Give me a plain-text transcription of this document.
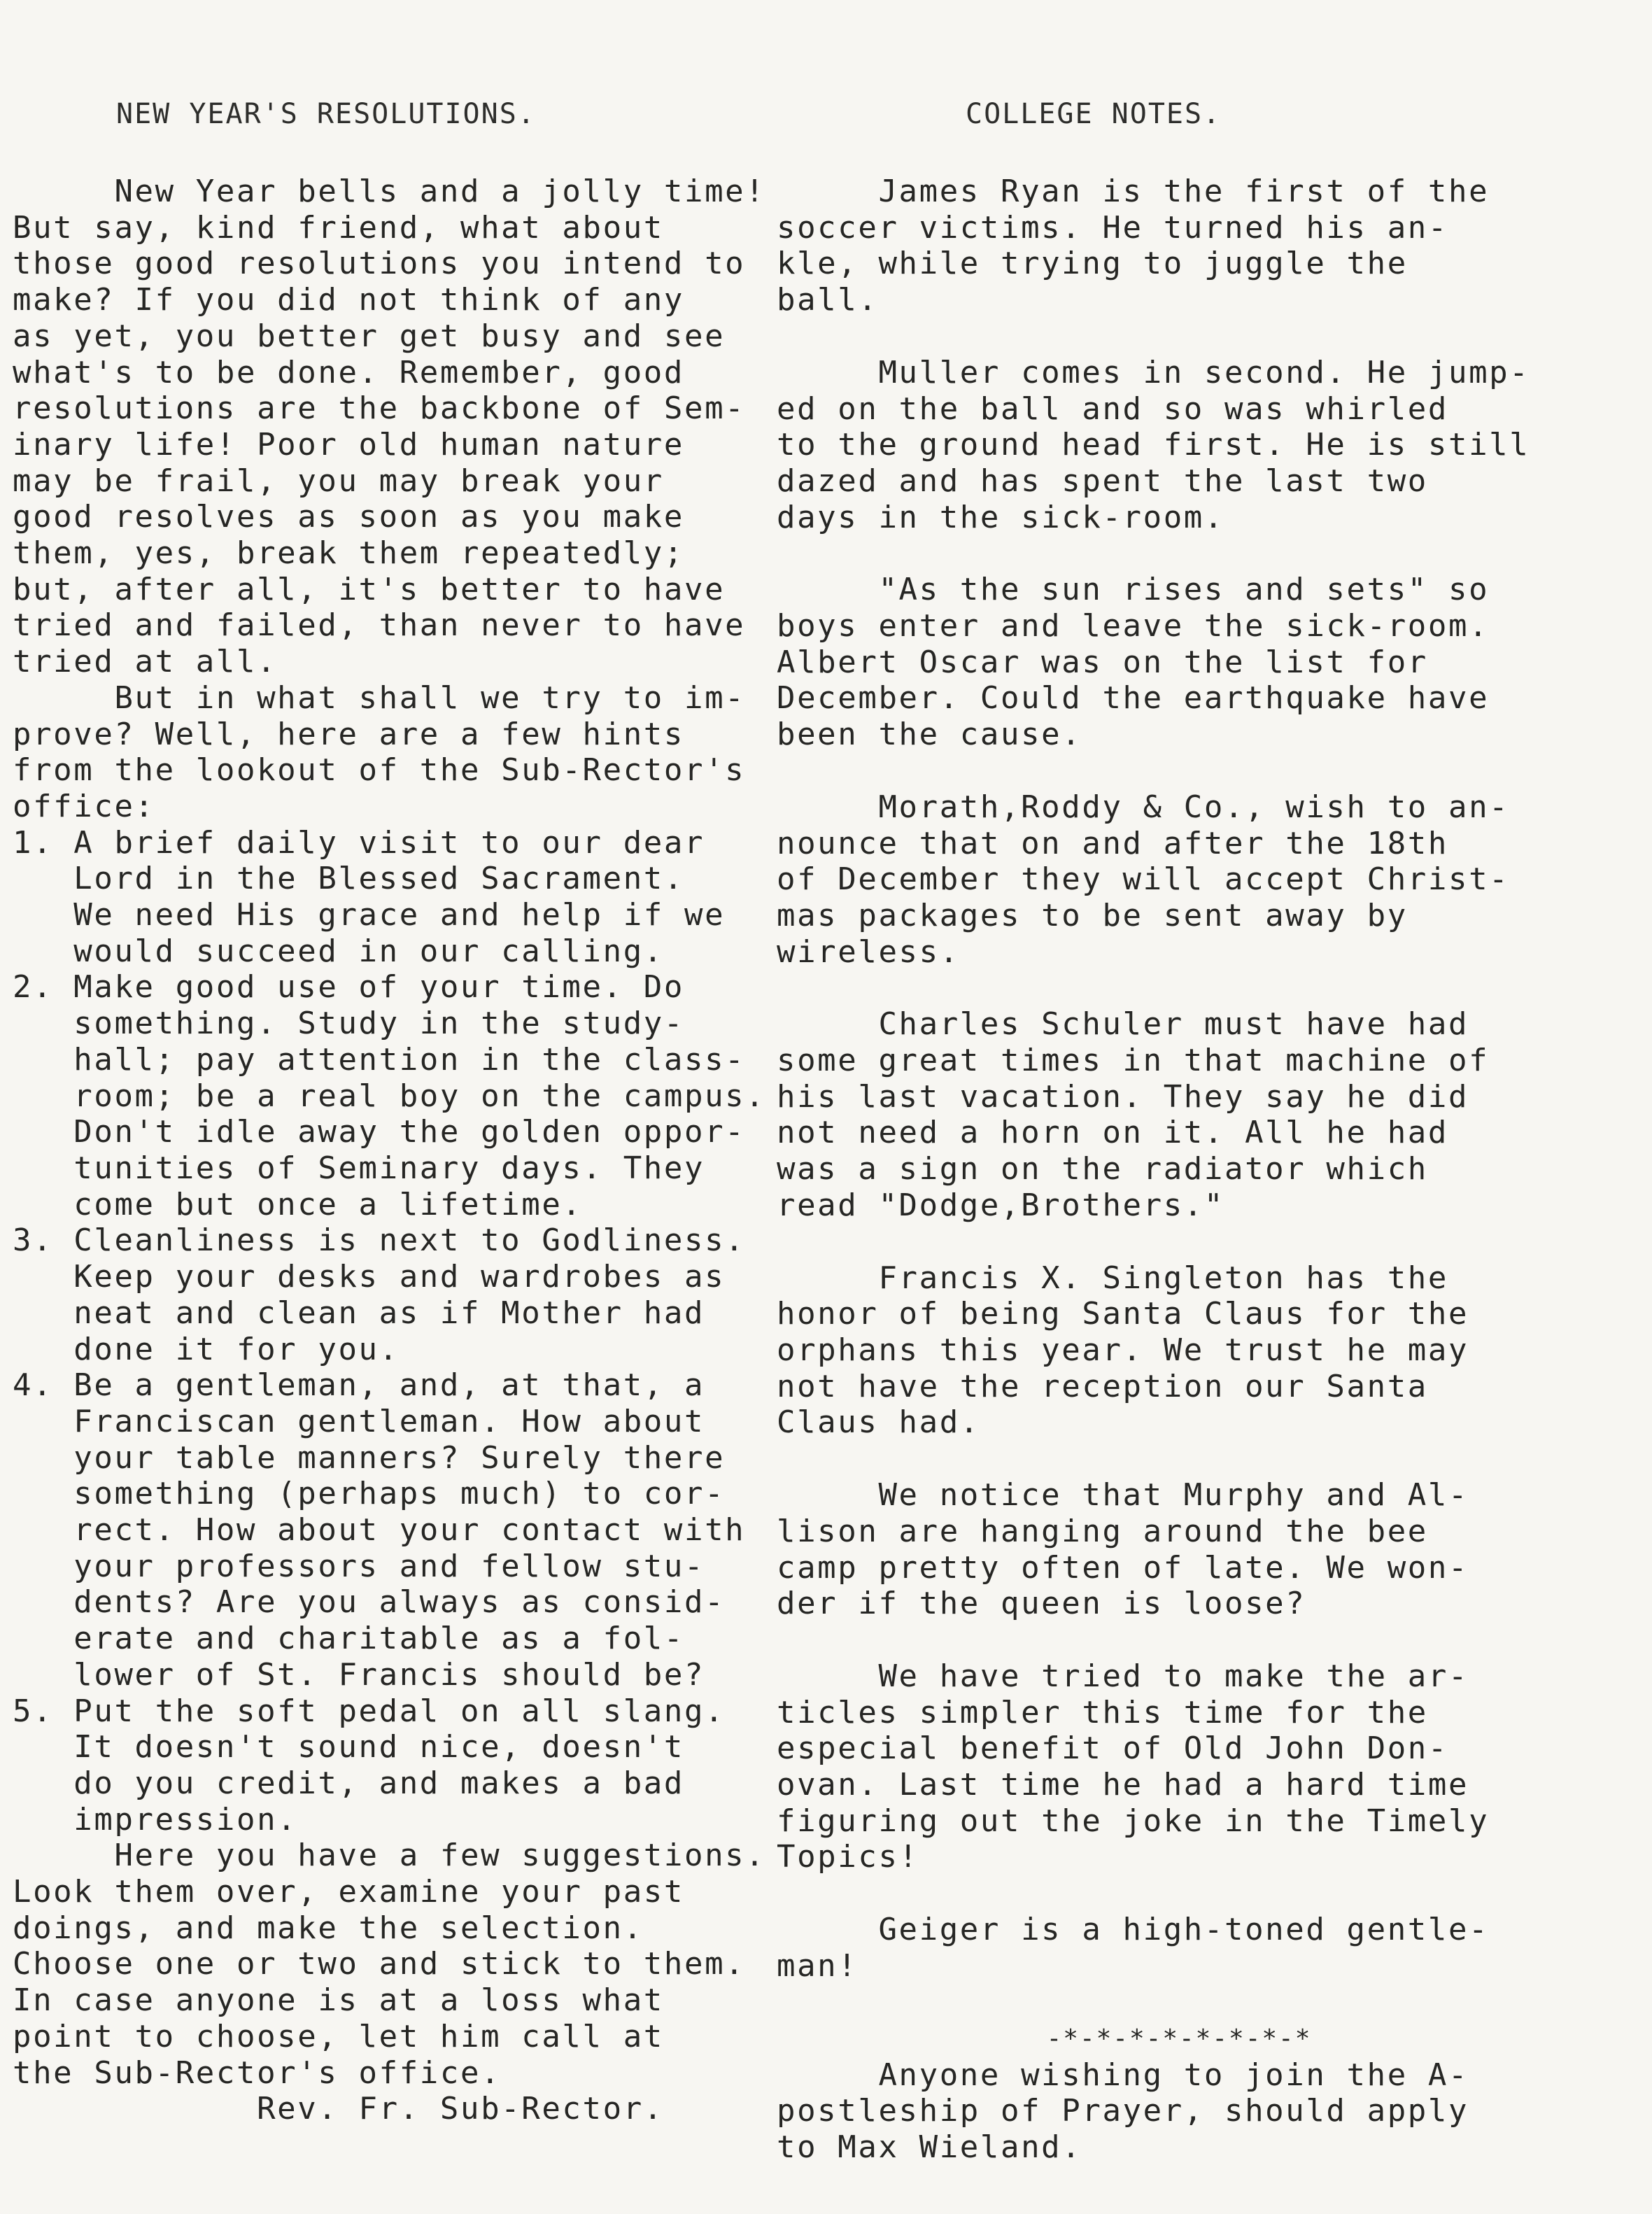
NEW YEAR'S RESOLUTIONS.
New Year bells and a jolly time!
But say, kind friend, what about
those good resolutions you intend to
make? If you did not think of any
as yet, you better get busy and see
what's to be done. Remember, good
resolutions are the backbone of Sem-
inary life! Poor old human nature
may be frail, you may break your
good resolves as soon as you make
them, yes, break them repeatedly;
but, after all, it's better to have
tried and failed, than never to have
tried at all.
But in what shall we try to im-
prove? Well, here are a few hints
from the lookout of the Sub-Rector's
office:
1. A brief daily visit to our dear
Lord in the Blessed Sacrament.
We need His grace and help if we
would succeed in our calling.
2. Make good use of your time. Do
something. Study in the study-
hall; pay attention in the class-
room; be a real boy on the campus.
Don't idle away the golden oppor-
tunities of Seminary days. They
come but once a lifetime.
3. Cleanliness is next to Godliness.
Keep your desks and wardrobes as
neat and clean as if Mother had
done it for you.
4. Be a gentleman, and, at that, a
Franciscan gentleman. How about
your table manners? Surely there
something (perhaps much) to cor-
rect. How about your contact with
your professors and fellow stu-
dents? Are you always as consid-
erate and charitable as a fol-
lower of St. Francis should be?
5. Put the soft pedal on all slang.
It doesn't sound nice, doesn't
do you credit, and makes a bad
impression.
Here you have a few suggestions.
Look them over, examine your past
doings, and make the selection.
Choose one or two and stick to them.
In case anyone is at a loss what
point to choose, let him call at
the Sub-Rector's office.
Rev. Fr. Sub-Rector.
COLLEGE NOTES.
James Ryan is the first of the
soccer victims. He turned his an-
kle, while trying to juggle the
ball.
Muller comes in second. He jump-
ed on the ball and so was whirled
to the ground head first. He is still
dazed and has spent the last two
days in the sick-room.
"As the sun rises and sets" so
boys enter and leave the sick-room.
Albert Oscar was on the list for
December. Could the earthquake have
been the cause.
Morath,Roddy & Co., wish to an-
nounce that on and after the 18th
of December they will accept Christ-
mas packages to be sent away by
wireless.
Charles Schuler must have had
some great times in that machine of
his last vacation. They say he did
not need a horn on it. All he had
was a sign on the radiator which
read "Dodge,Brothers."
Francis X. Singleton has the
honor of being Santa Claus for the
orphans this year. We trust he may
not have the reception our Santa
Claus had.
We notice that Murphy and Al-
lison are hanging around the bee
camp pretty often of late. We won-
der if the queen is loose?
We have tried to make the ar-
ticles simpler this time for the
especial benefit of Old John Don-
ovan. Last time he had a hard time
figuring out the joke in the Timely
Topics!
Geiger is a high-toned gentle-
man!
-*-*-*-*-*-*-*-*
Anyone wishing to join the A-
postleship of Prayer, should apply
to Max Wieland.
